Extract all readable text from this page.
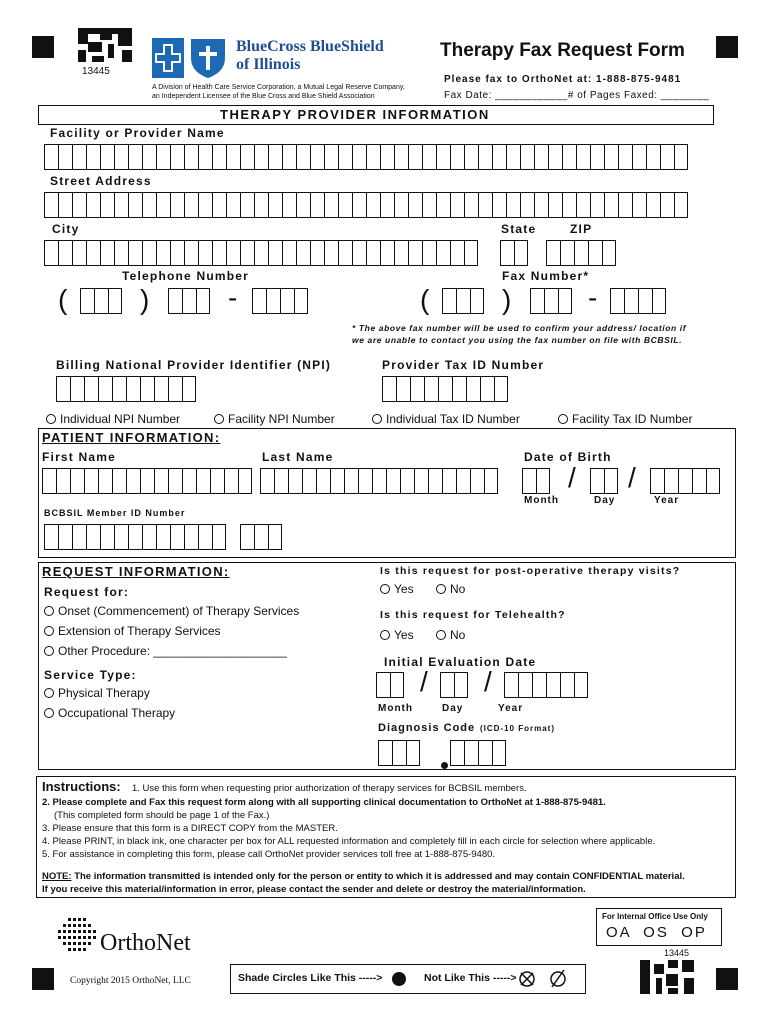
13445
BlueCross BlueShield
of Illinois
A Division of Health Care Service Corporation, a Mutual Legal Reserve Company,
an Independent Licensee of the Blue Cross and Blue Shield Association
Therapy Fax Request Form
Please fax to OrthoNet at: 1-888-875-9481
Fax Date: ____________# of Pages Faxed: ________
THERAPY PROVIDER INFORMATION
Facility or Provider Name
Street Address
City	State	ZIP
Telephone Number	Fax Number*
(	)	-	(	)	-
* The above fax number will be used to confirm your address/ location if
we are unable to contact you using the fax number on file with BCBSIL.
Billing National Provider Identifier (NPI)	Provider Tax ID Number
Individual NPI Number	Facility NPI Number	Individual Tax ID Number	Facility Tax ID Number
PATIENT INFORMATION:
First Name	Last Name	Date of Birth
/ /
Month	Day	Year
BCBSIL Member ID Number
REQUEST INFORMATION:
Request for:
Onset (Commencement) of Therapy Services
Extension of Therapy Services
Other Procedure: ____________________
Service Type:
Physical Therapy
Occupational Therapy
Is this request for post-operative therapy visits?
Yes	No
Is this request for Telehealth?
Yes	No
Initial Evaluation Date
/ /
Month	Day	Year
Diagnosis Code (ICD-10 Format)
Instructions: 1. Use this form when requesting prior authorization of therapy services for BCBSIL members.
2. Please complete and Fax this request form along with all supporting clinical documentation to OrthoNet at 1-888-875-9481.
(This completed form should be page 1 of the Fax.)
3. Please ensure that this form is a DIRECT COPY from the MASTER.
4. Please PRINT, in black ink, one character per box for ALL requested information and completely fill in each circle for selection where applicable.
5. For assistance in completing this form, please call OrthoNet provider services toll free at 1-888-875-9480.
NOTE: The information transmitted is intended only for the person or entity to which it is addressed and may contain CONFIDENTIAL material.
If you receive this material/information in error, please contact the sender and delete or destroy the material/information.
OrthoNet
Copyright 2015 OrthoNet, LLC	Shade Circles Like This ----->	Not Like This ----->
For Internal Office Use Only
OA  OS  OP
13445
